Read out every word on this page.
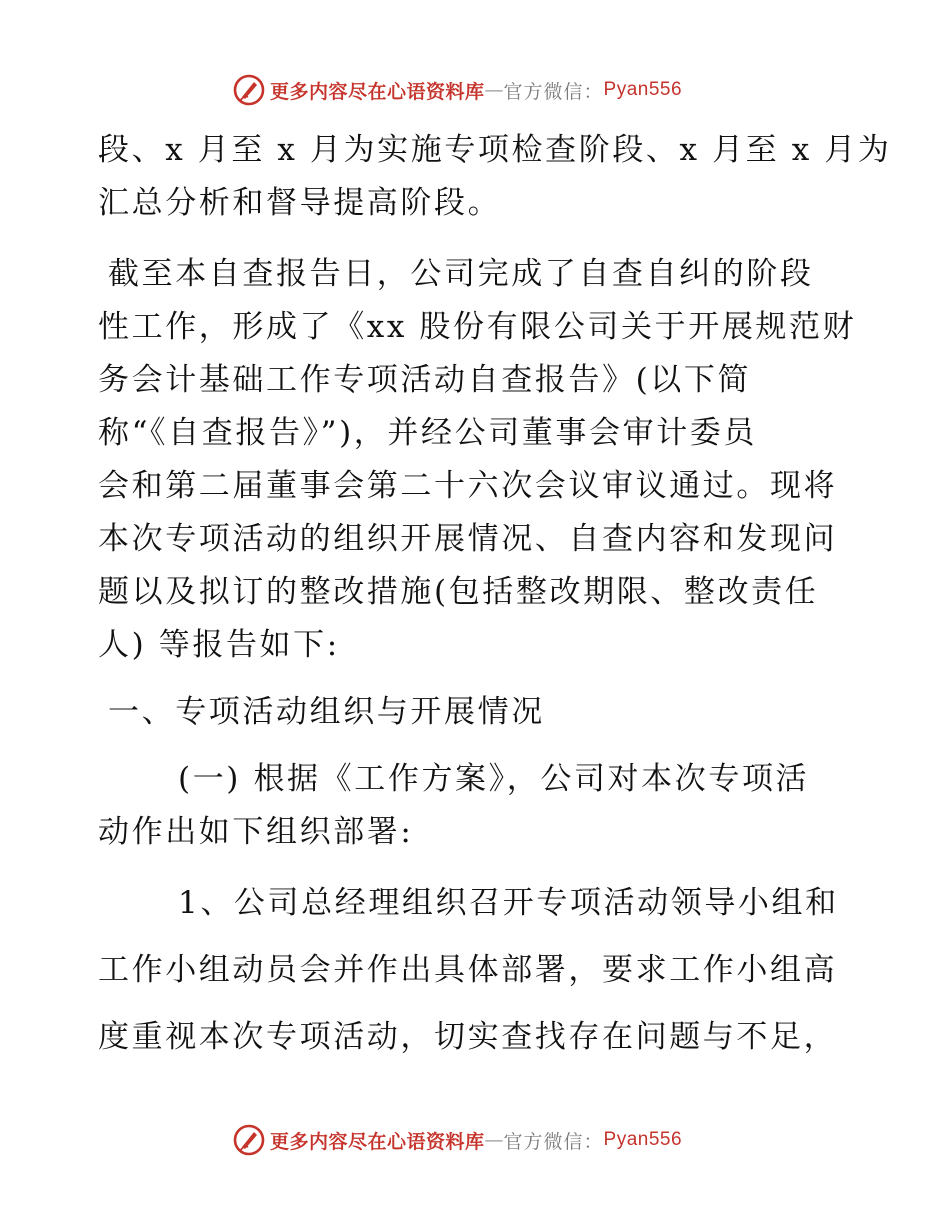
更多内容尽在心语资料库 — 官方微信： Pyan556
段、x 月至 x 月为实施专项检查阶段、x 月至 x 月为
汇总分析和督导提高阶段。
截至本自查报告日，公司完成了自查自纠的阶段
性工作，形成了《xx 股份有限公司关于开展规范财
务会计基础工作专项活动自查报告》(以下简
称“《自查报告》”)，并经公司董事会审计委员
会和第二届董事会第二十六次会议审议通过。现将
本次专项活动的组织开展情况、自查内容和发现问
题以及拟订的整改措施(包括整改期限、整改责任
人) 等报告如下:
一、专项活动组织与开展情况
(一) 根据《工作方案》，公司对本次专项活
动作出如下组织部署:
1、公司总经理组织召开专项活动领导小组和
工作小组动员会并作出具体部署，要求工作小组高
度重视本次专项活动，切实查找存在问题与不足，
更多内容尽在心语资料库 — 官方微信： Pyan556
